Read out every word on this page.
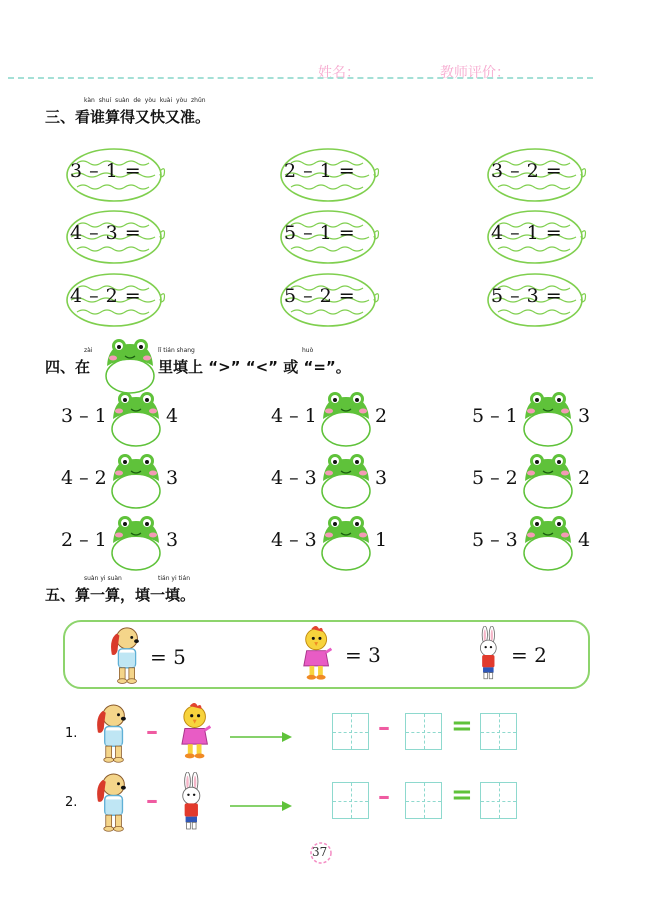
姓名：	教师评价：
kàn shuí suàn de yòu kuài yòu zhǔn
三、看谁算得又快又准。
3 – 1 =	2 – 1 =	3 – 2 =
4 – 3 =	5 – 1 =	4 – 1 =
4 – 2 =	5 – 2 =	5 – 3 =
四、在
zài	lǐ tián shang	huò
里填上 “>” “<” 或 “=”。
3 – 1	4	4 – 1	2	5 – 1	3
4 – 2	3	4 – 3	3	5 – 2	2
2 – 1	3	4 – 3	1	5 – 3	4
suàn yi suàn	tián yi tián
五、算一算，填一填。
= 5	= 3	= 2
1.	–	– =
2.	–	– =
37
